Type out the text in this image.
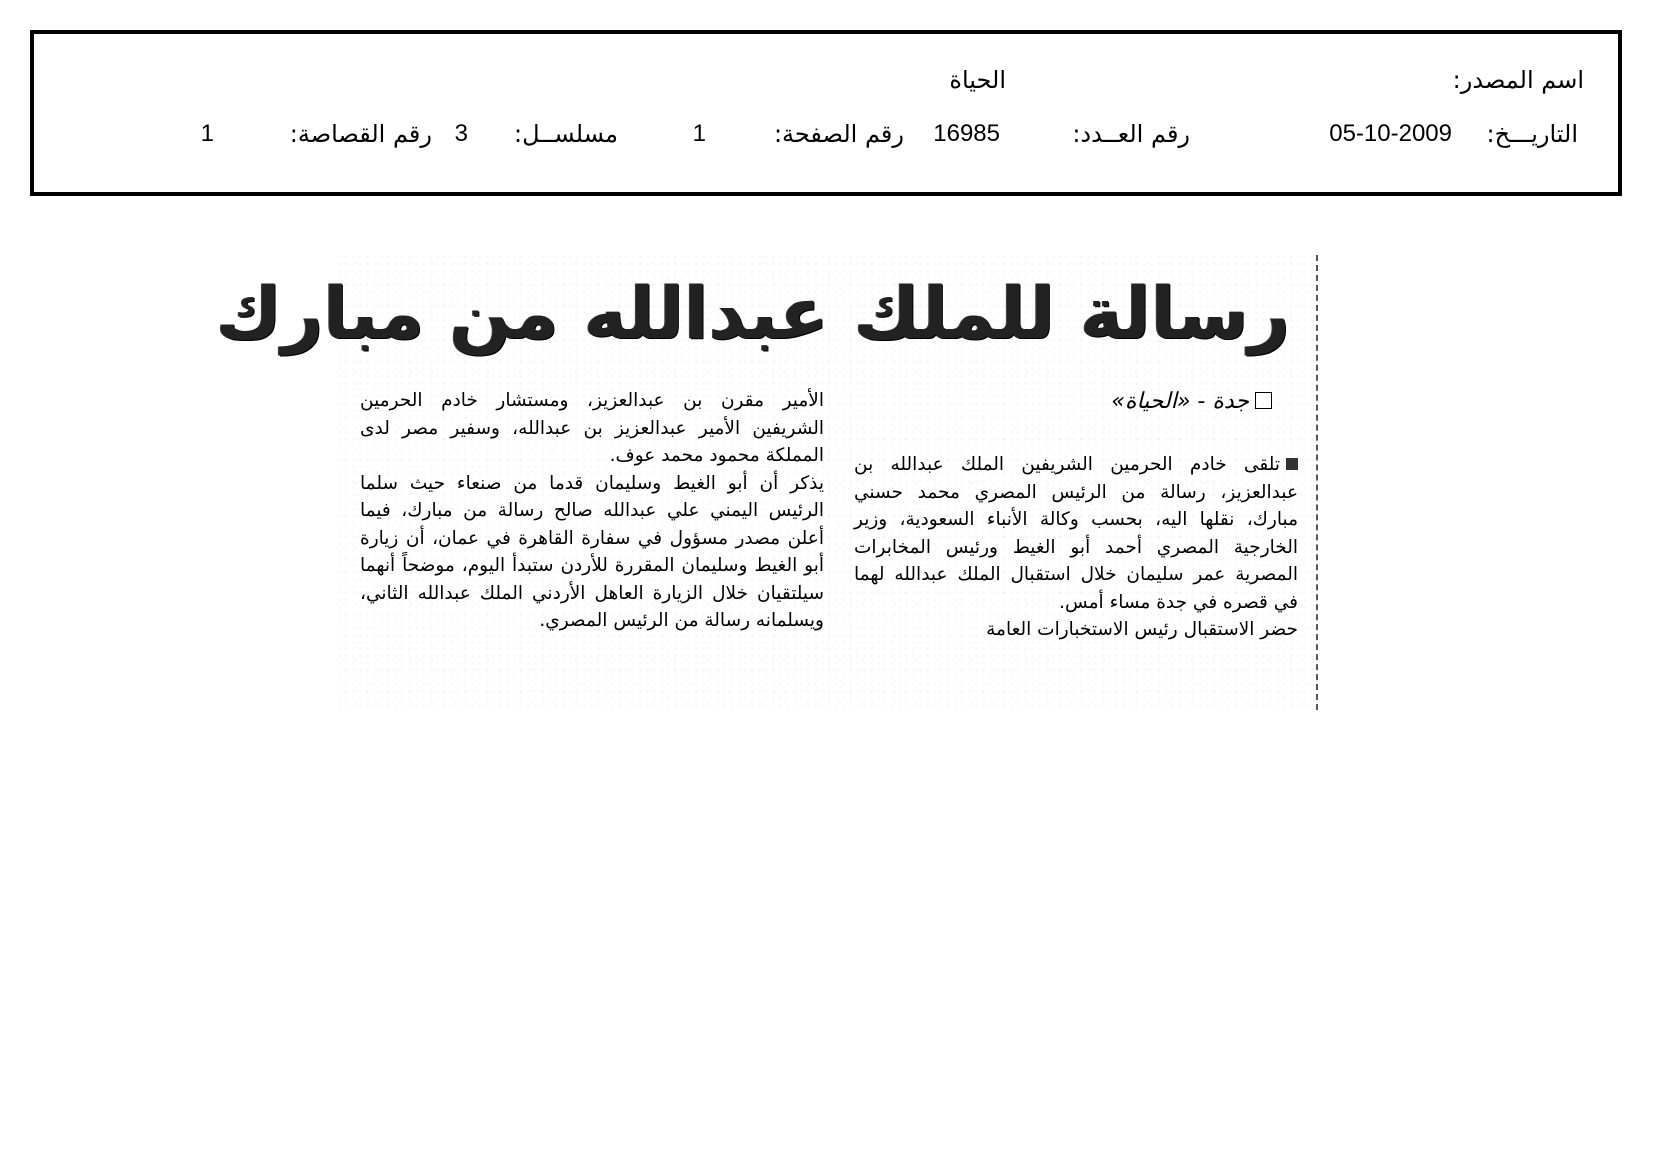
اسم المصدر:
الحياة
التاريـــخ:
05-10-2009
رقم العــدد:
16985
رقم الصفحة:
1
مسلســل:
3
رقم القصاصة:
1
رسالة للملك عبدالله من مبارك
جدة - «الحياة»

تلقى خادم الحرمين الشريفين الملك عبدالله بن عبدالعزيز، رسالة من الرئيس المصري محمد حسني مبارك، نقلها اليه، بحسب وكالة الأنباء السعودية، وزير الخارجية المصري أحمد أبو الغيط ورئيس المخابرات المصرية عمر سليمان خلال استقبال الملك عبدالله لهما في قصره في جدة مساء أمس.

حضر الاستقبال رئيس الاستخبارات العامة

الأمير مقرن بن عبدالعزيز، ومستشار خادم الحرمين الشريفين الأمير عبدالعزيز بن عبدالله، وسفير مصر لدى المملكة محمود محمد عوف.

يذكر أن أبو الغيط وسليمان قدما من صنعاء حيث سلما الرئيس اليمني علي عبدالله صالح رسالة من مبارك، فيما أعلن مصدر مسؤول في سفارة القاهرة في عمان، أن زيارة أبو الغيط وسليمان المقررة للأردن ستبدأ اليوم، موضحاً أنهما سيلتقيان خلال الزيارة العاهل الأردني الملك عبدالله الثاني، ويسلمانه رسالة من الرئيس المصري.
